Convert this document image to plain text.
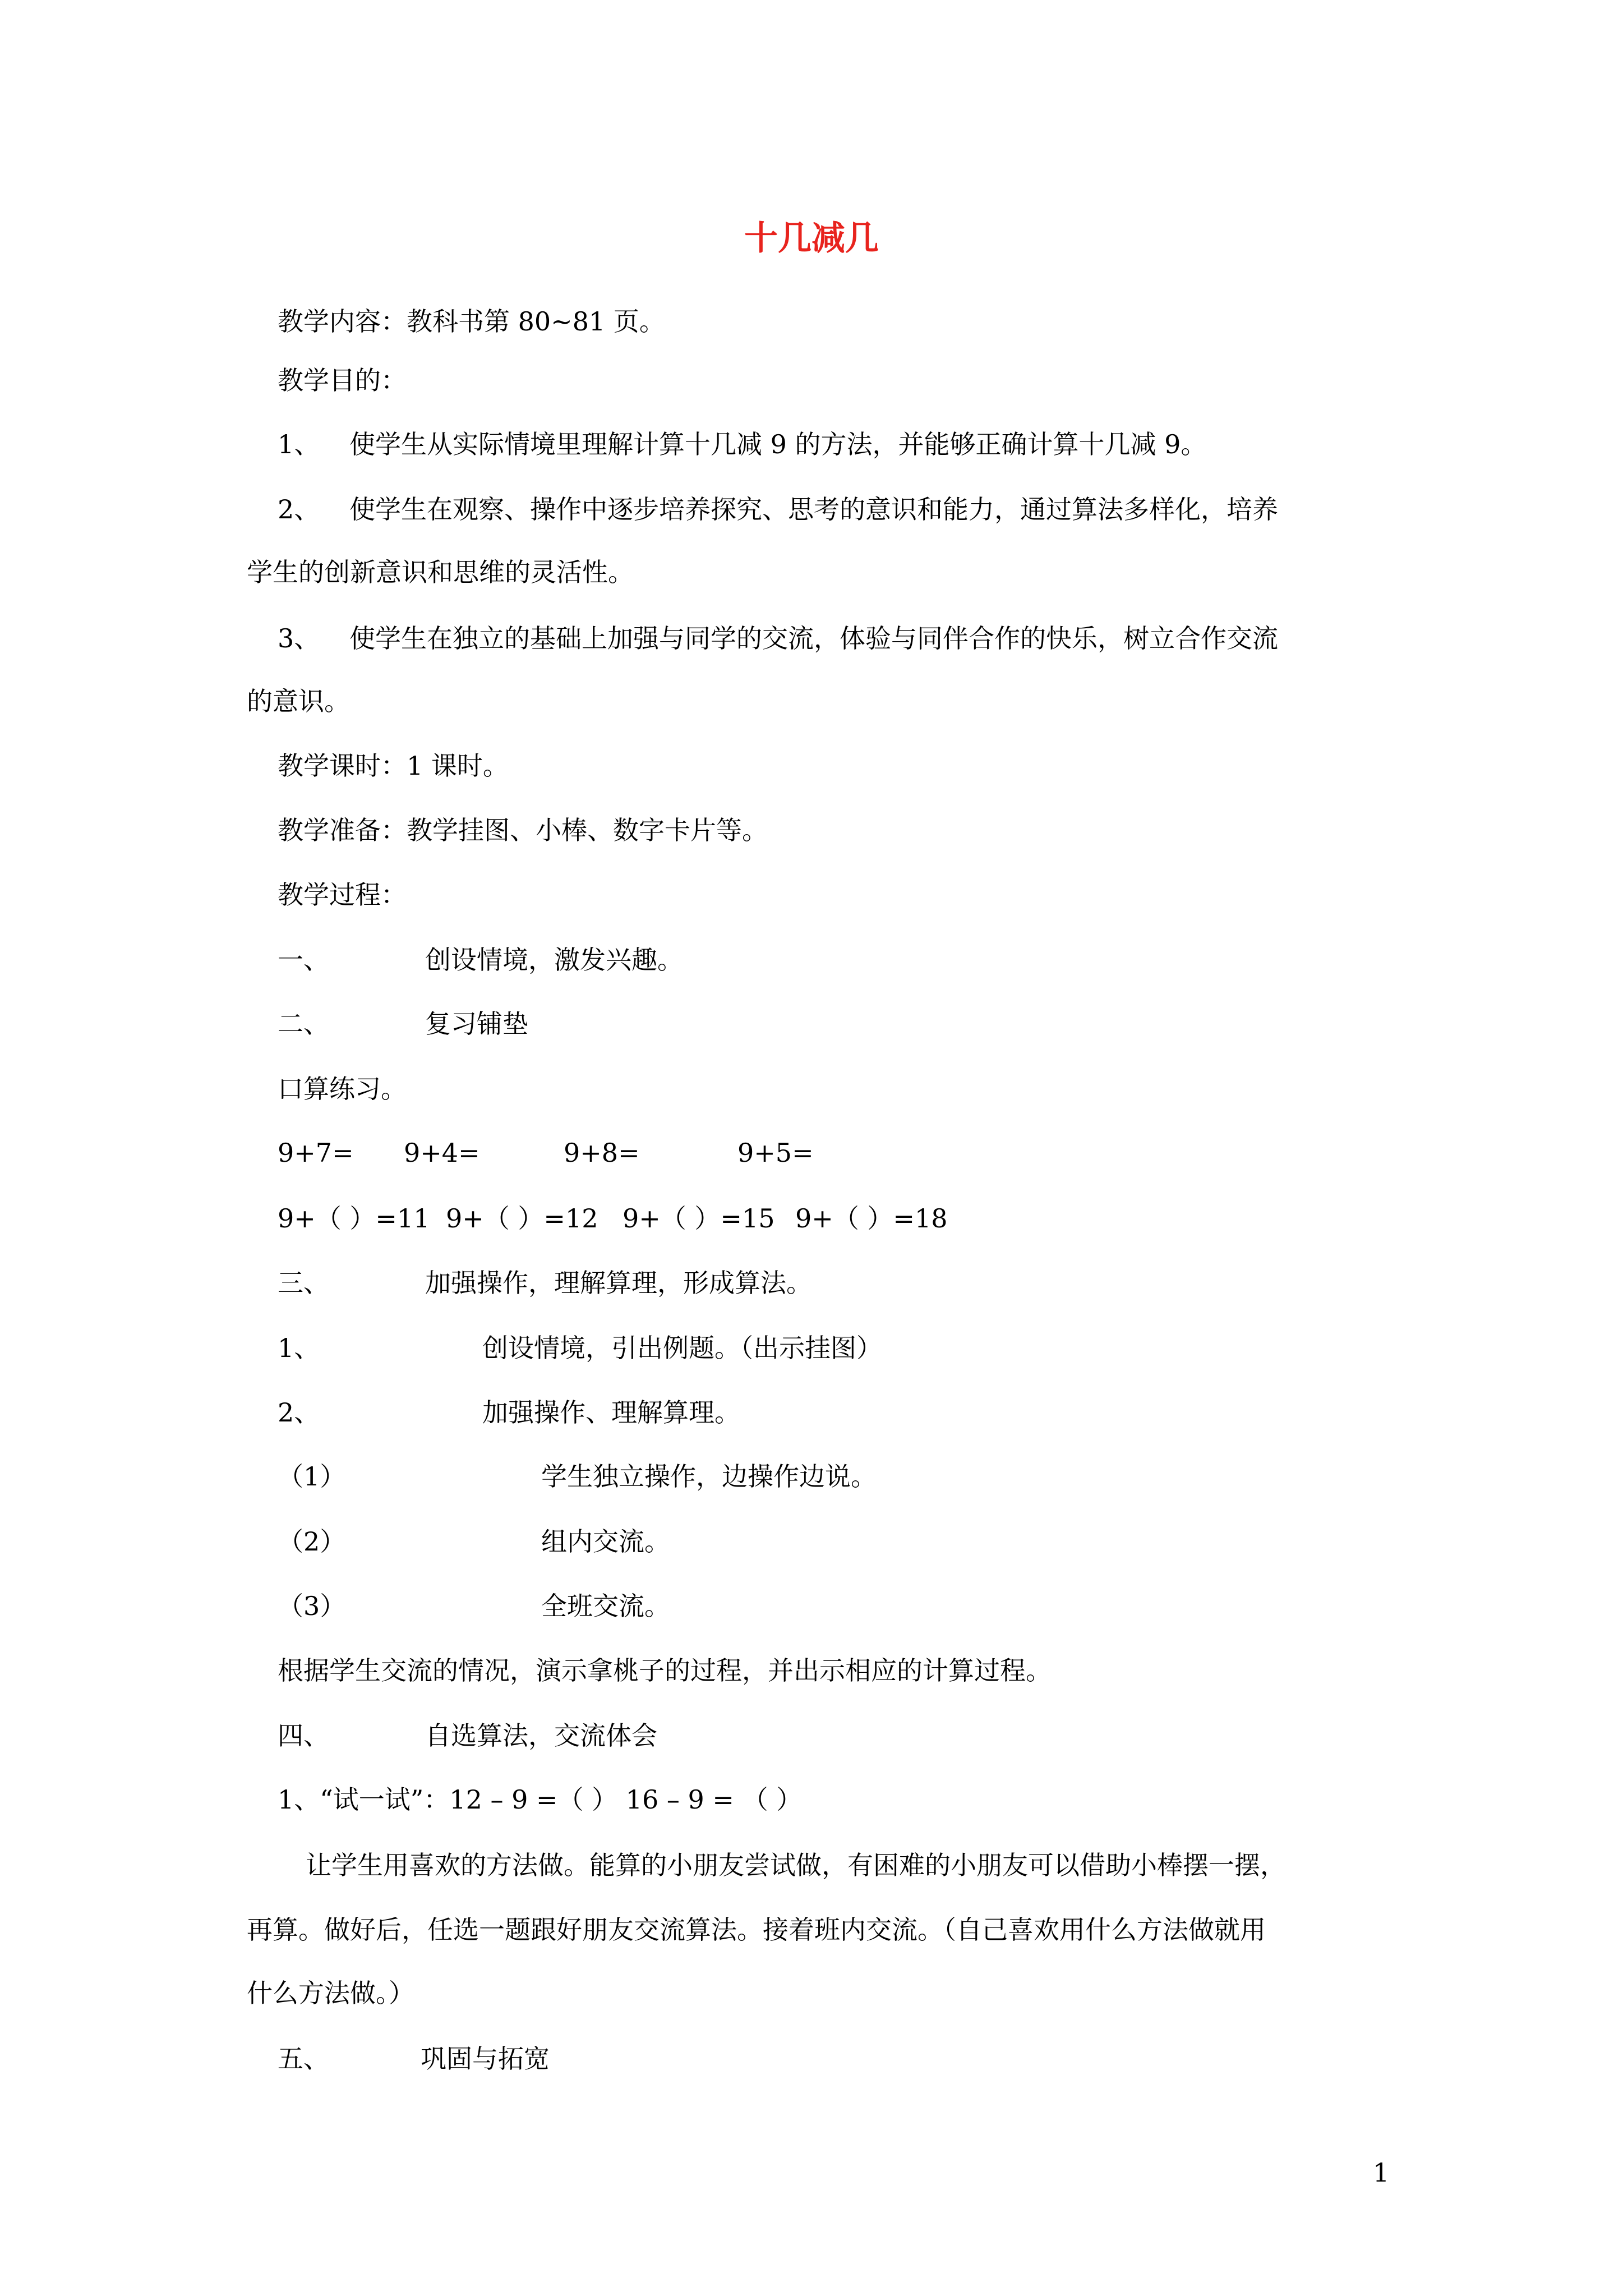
十几减几
教学内容：教科书第 80~81 页。
教学目的：
1、 使学生从实际情境里理解计算十几减 9 的方法，并能够正确计算十几减 9。
2、 使学生在观察、操作中逐步培养探究、思考的意识和能力，通过算法多样化，培养
学生的创新意识和思维的灵活性。
3、 使学生在独立的基础上加强与同学的交流，体验与同伴合作的快乐，树立合作交流
的意识。
教学课时：1 课时。
教学准备：教学挂图、小棒、数字卡片等。
教学过程：
一、	创设情境，激发兴趣。
二、	复习铺垫
口算练习。
9+7= 9+4=	9+8=	9+5=
9+（ ）=11 9+（ ）=12 9+（ ）=15 9+（ ）=18
三、	加强操作，理解算理，形成算法。
1、	创设情境，引出例题。（出示挂图）
2、	加强操作、理解算理。
（1）	学生独立操作，边操作边说。
（2）	组内交流。
（3）	全班交流。
根据学生交流的情况，演示拿桃子的过程，并出示相应的计算过程。
四、	自选算法，交流体会
1、“试一试”：12 – 9 =（ ） 16 – 9 = （ ）
让学生用喜欢的方法做。能算的小朋友尝试做，有困难的小朋友可以借助小棒摆一摆，
再算。做好后，任选一题跟好朋友交流算法。接着班内交流。（自己喜欢用什么方法做就用
什么方法做。）
五、	巩固与拓宽
1
